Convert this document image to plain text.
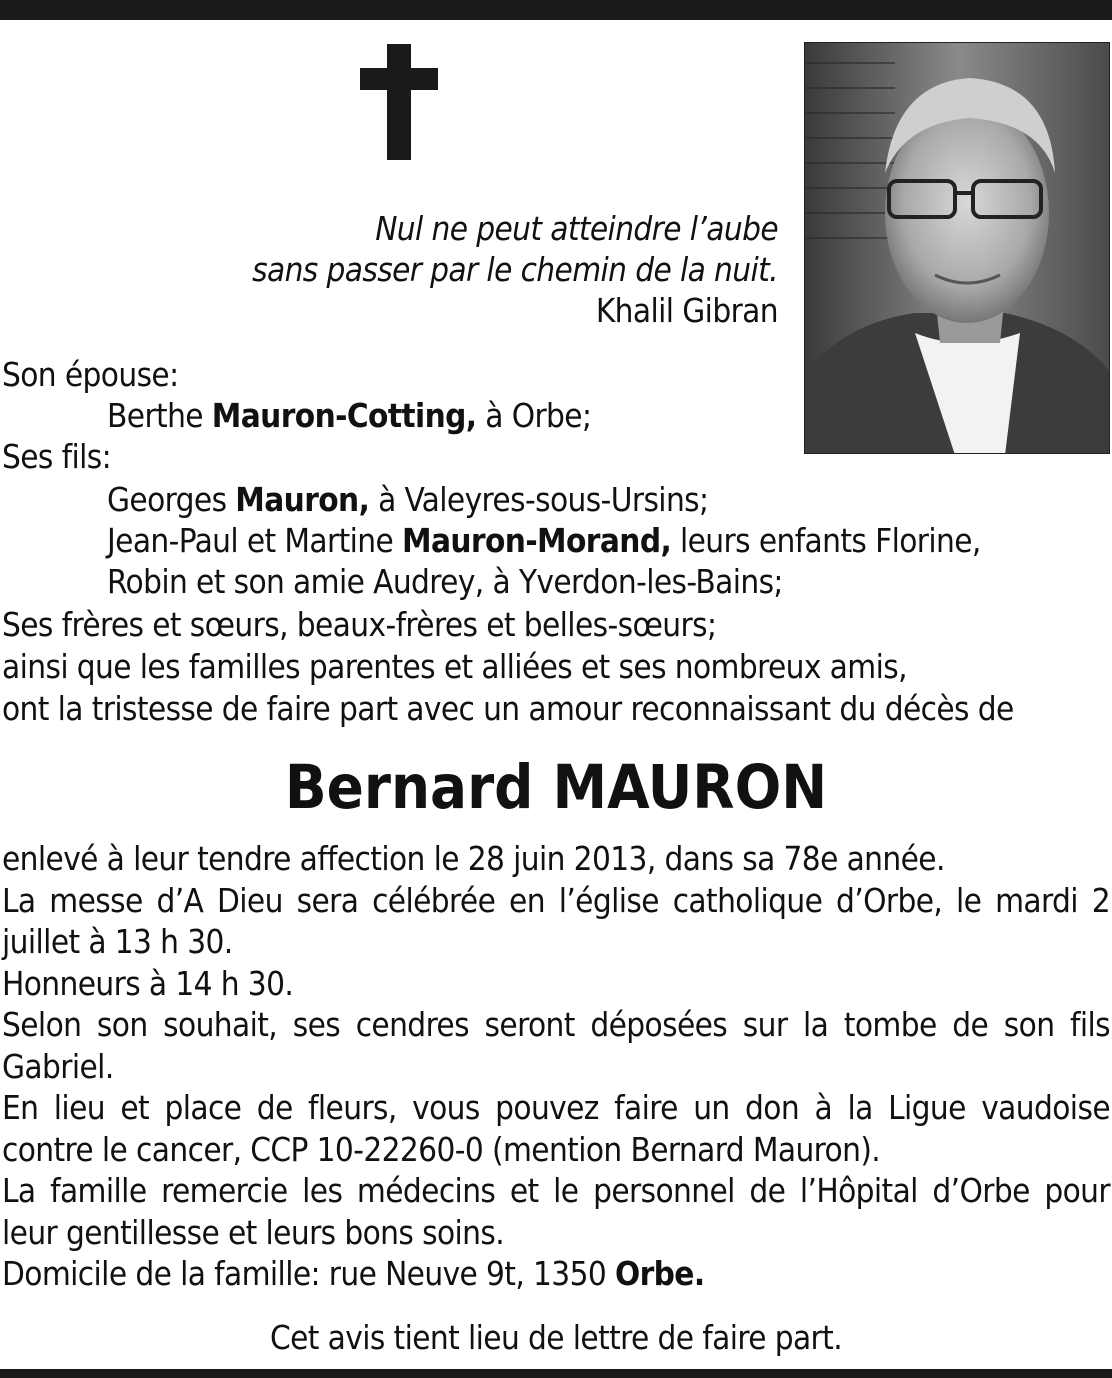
Nul ne peut atteindre l’aube
sans passer par le chemin de la nuit.
Khalil Gibran
Son épouse:
Berthe Mauron-Cotting, à Orbe;
Ses fils:
Georges Mauron, à Valeyres-sous-Ursins;
Jean-Paul et Martine Mauron-Morand, leurs enfants Florine,
Robin et son amie Audrey, à Yverdon-les-Bains;
Ses frères et sœurs, beaux-frères et belles-sœurs;
ainsi que les familles parentes et alliées et ses nombreux amis,
ont la tristesse de faire part avec un amour reconnaissant du décès de
Bernard MAURON

enlevé à leur tendre affection le 28 juin 2013, dans sa 78e année.

La messe d’A Dieu sera célébrée en l’église catholique d’Orbe, le mardi 2 juillet à 13 h 30.

Honneurs à 14 h 30.

Selon son souhait, ses cendres seront déposées sur la tombe de son fils Gabriel.

En lieu et place de fleurs, vous pouvez faire un don à la Ligue vaudoise contre le cancer, CCP 10-22260-0 (mention Bernard Mauron).

La famille remercie les médecins et le personnel de l’Hôpital d’Orbe pour leur gentillesse et leurs bons soins.

Domicile de la famille: rue Neuve 9t, 1350 Orbe.

Cet avis tient lieu de lettre de faire part.
